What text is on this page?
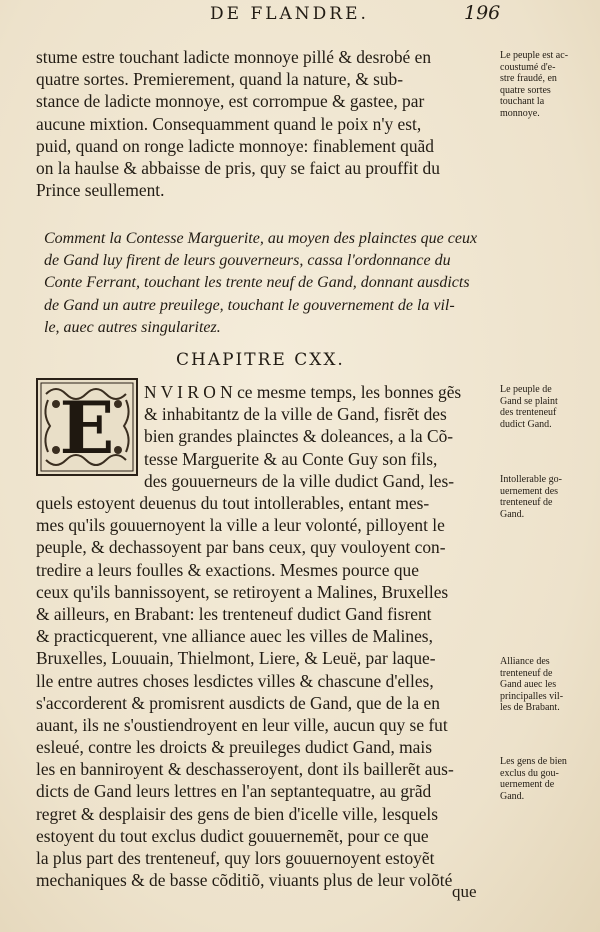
DE FLANDRE.	196
stume estre touchant ladicte monnoye pillé & desrobé en
quatre sortes. Premierement, quand la nature, & sub-
stance de ladicte monnoye, est corrompue & gastee, par
aucune mixtion. Consequamment quand le poix n'y est,
puid, quand on ronge ladicte monnoye: finablement quãd
on la haulse & abbaisse de pris, quy se faict au prouffit du
Prince seullement.
Comment la Contesse Marguerite, au moyen des plainctes que ceux
de Gand luy firent de leurs gouverneurs, cassa l'ordonnance du
Conte Ferrant, touchant les trente neuf de Gand, donnant ausdicts
de Gand un autre preuilege, touchant le gouvernement de la vil-
le, auec autres singularitez.
CHAPITRE CXX.
E	N V I R O N ce mesme temps, les bonnes gẽs
& inhabitantz de la ville de Gand, fisrẽt des
bien grandes plainctes & doleances, a la Cõ-
tesse Marguerite & au Conte Guy son fils,
des gouuerneurs de la ville dudict Gand, les-
quels estoyent deuenus du tout intollerables, entant mes-
mes qu'ils gouuernoyent la ville a leur volonté, pilloyent le
peuple, & dechassoyent par bans ceux, quy vouloyent con-
tredire a leurs foulles & exactions. Mesmes pource que
ceux qu'ils bannissoyent, se retiroyent a Malines, Bruxelles
& ailleurs, en Brabant: les trenteneuf dudict Gand fisrent
& practicquerent, vne alliance auec les villes de Malines,
Bruxelles, Louuain, Thielmont, Liere, & Leuë, par laque-
lle entre autres choses lesdictes villes & chascune d'elles,
s'accorderent & promisrent ausdicts de Gand, que de la en
auant, ils ne s'oustiendroyent en leur ville, aucun quy se fut
esleué, contre les droicts & preuileges dudict Gand, mais
les en banniroyent & deschasseroyent, dont ils baillerẽt aus-
dicts de Gand leurs lettres en l'an septantequatre, au grãd
regret & desplaisir des gens de bien d'icelle ville, lesquels
estoyent du tout exclus dudict gouuernemẽt, pour ce que
la plus part des trenteneuf, quy lors gouuernoyent estoyẽt
mechaniques & de basse cõditiõ, viuants plus de leur volõté
Le peuple est ac-
coustumé d'e-
stre fraudé, en
quatre sortes
touchant la
monnoye.
Le peuple de
Gand se plaint
des trenteneuf
dudict Gand.
Intollerable go-
uernement des
trenteneuf de
Gand.
Alliance des
trenteneuf de
Gand auec les
principalles vil-
les de Brabant.
Les gens de bien
exclus du gou-
uernement de
Gand.
que
